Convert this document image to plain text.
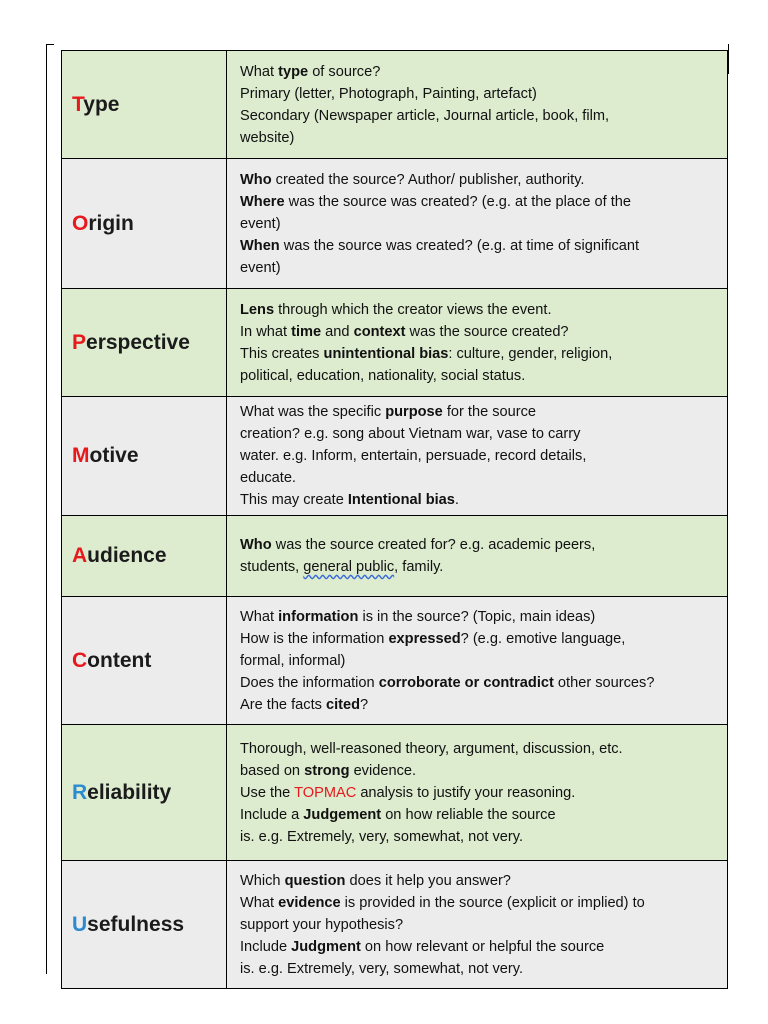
Type	What type of source?
Primary (letter, Photograph, Painting, artefact)
Secondary (Newspaper article, Journal article, book, film,
website)

Origin	Who created the source? Author/ publisher, authority.
Where was the source was created? (e.g. at the place of the
event)
When was the source was created? (e.g. at time of significant
event)

Perspective	Lens through which the creator views the event.
In what time and context was the source created?
This creates unintentional bias: culture, gender, religion,
political, education, nationality, social status.

Motive	What was the specific purpose for the source
creation? e.g. song about Vietnam war, vase to carry
water. e.g. Inform, entertain, persuade, record details,
educate.
This may create Intentional bias.

Audience	Who was the source created for? e.g. academic peers,
students, general public, family.

Content	What information is in the source? (Topic, main ideas)
How is the information expressed? (e.g. emotive language,
formal, informal)
Does the information corroborate or contradict other sources?
Are the facts cited?

Reliability	Thorough, well-reasoned theory, argument, discussion, etc.
based on strong evidence.
Use the TOPMAC analysis to justify your reasoning.
Include a Judgement on how reliable the source
is. e.g. Extremely, very, somewhat, not very.

Usefulness	Which question does it help you answer?
What evidence is provided in the source (explicit or implied) to
support your hypothesis?
Include Judgment on how relevant or helpful the source
is. e.g. Extremely, very, somewhat, not very.
